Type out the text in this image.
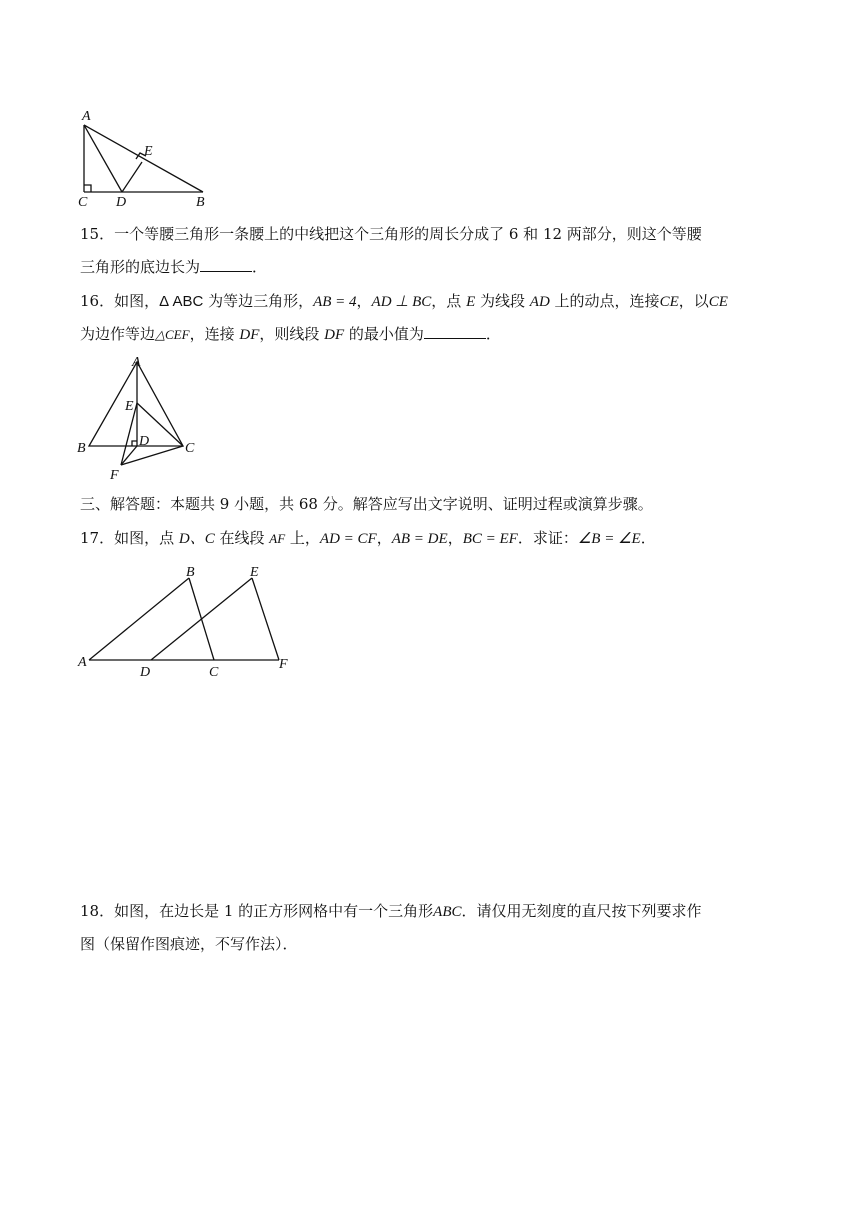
A
E
C D	B
15．一个等腰三角形一条腰上的中线把这个三角形的周长分成了 6 和 12 两部分，则这个等腰
三角形的底边长为	．
16．如图，Δ ABC 为等边三角形，AB = 4，AD ⊥ BC，点 E 为线段 AD 上的动点，连接CE，以CE
为边作等边△CEF，连接 DF，则线段 DF 的最小值为	．
A
E
D
B	C
F
三、解答题：本题共 9 小题，共 68 分。解答应写出文字说明、证明过程或演算步骤。
17．如图，点 D、C 在线段 AF 上，AD = CF，AB = DE，BC = EF．求证：∠B = ∠E．
B	E
A
D	C
F
18．如图，在边长是 1 的正方形网格中有一个三角形ABC．请仅用无刻度的直尺按下列要求作
图（保留作图痕迹，不写作法）．
